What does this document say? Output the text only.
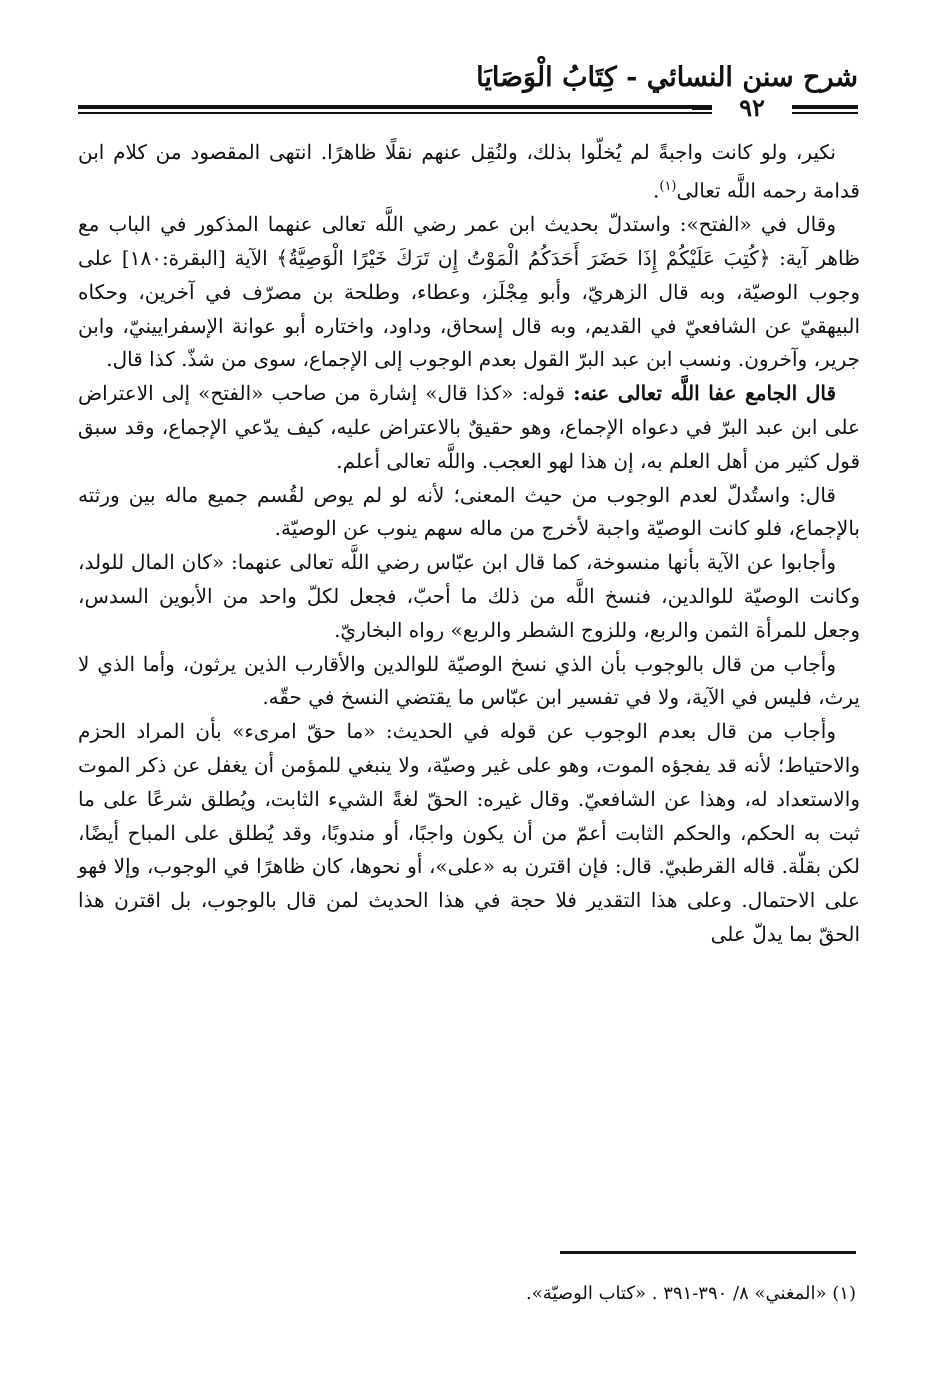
شرح سنن النسائي - كِتَابُ الْوَصَايَا
٩٢

نكير، ولو كانت واجبةً لم يُخلّوا بذلك، ولنُقِل عنهم نقلًا ظاهرًا. انتهى المقصود من كلام ابن قدامة رحمه اللَّه تعالى$^{(١)}$.

وقال في «الفتح»: واستدلّ بحديث ابن عمر رضي اللَّه تعالى عنهما المذكور في الباب مع ظاهر آية: ﴿كُتِبَ عَلَيْكُمْ إِذَا حَضَرَ أَحَدَكُمُ الْمَوْتُ إِن تَرَكَ خَيْرًا الْوَصِيَّةُ﴾ الآية [البقرة:١٨٠] على وجوب الوصيّة، وبه قال الزهريّ، وأبو مِجْلَز، وعطاء، وطلحة بن مصرّف في آخرين، وحكاه البيهقيّ عن الشافعيّ في القديم، وبه قال إسحاق، وداود، واختاره أبو عوانة الإسفرايينيّ، وابن جرير، وآخرون. ونسب ابن عبد البرّ القول بعدم الوجوب إلى الإجماع، سوى من شذّ. كذا قال.

قال الجامع عفا اللَّه تعالى عنه: قوله: «كذا قال» إشارة من صاحب «الفتح» إلى الاعتراض على ابن عبد البرّ في دعواه الإجماع، وهو حقيقٌ بالاعتراض عليه، كيف يدّعي الإجماع، وقد سبق قول كثير من أهل العلم به، إن هذا لهو العجب. واللَّه تعالى أعلم.

قال: واستُدلّ لعدم الوجوب من حيث المعنى؛ لأنه لو لم يوص لقُسم جميع ماله بين ورثته بالإجماع، فلو كانت الوصيّة واجبة لأخرج من ماله سهم ينوب عن الوصيّة.

وأجابوا عن الآية بأنها منسوخة، كما قال ابن عبّاس رضي اللَّه تعالى عنهما: «كان المال للولد، وكانت الوصيّة للوالدين، فنسخ اللَّه من ذلك ما أحبّ، فجعل لكلّ واحد من الأبوين السدس، وجعل للمرأة الثمن والربع، وللزوج الشطر والربع» رواه البخاريّ.

وأجاب من قال بالوجوب بأن الذي نسخ الوصيّة للوالدين والأقارب الذين يرثون، وأما الذي لا يرث، فليس في الآية، ولا في تفسير ابن عبّاس ما يقتضي النسخ في حقّه.

وأجاب من قال بعدم الوجوب عن قوله في الحديث: «ما حقّ امرىء» بأن المراد الحزم والاحتياط؛ لأنه قد يفجؤه الموت، وهو على غير وصيّة، ولا ينبغي للمؤمن أن يغفل عن ذكر الموت والاستعداد له، وهذا عن الشافعيّ. وقال غيره: الحقّ لغةً الشيء الثابت، ويُطلق شرعًا على ما ثبت به الحكم، والحكم الثابت أعمّ من أن يكون واجبًا، أو مندوبًا، وقد يُطلق على المباح أيضًا، لكن بقلّة. قاله القرطبيّ. قال: فإن اقترن به «على»، أو نحوها، كان ظاهرًا في الوجوب، وإلا فهو على الاحتمال. وعلى هذا التقدير فلا حجة في هذا الحديث لمن قال بالوجوب، بل اقترن هذا الحقّ بما يدلّ على

(١) «المغني» ٨/ ٣٩٠-٣٩١ . «كتاب الوصيّة».
